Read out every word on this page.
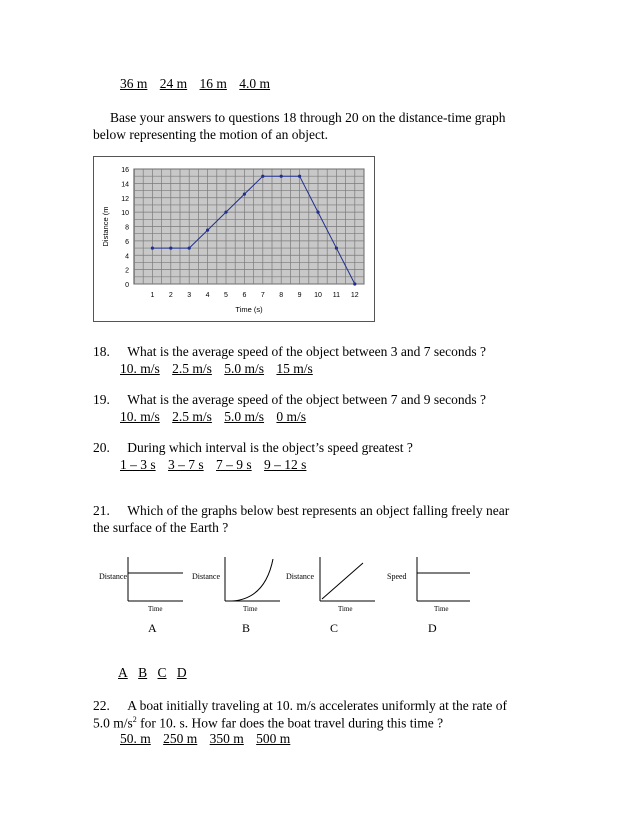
36 m 24 m 16 m 4.0 m
Base your answers to questions 18 through 20 on the distance-time graph
below representing the motion of an object.
0
2
4
6
8
10
12
14
16
1 2 3 4 5 6 7 8 9 10 11 12
Time (s)
Distance (m
18. What is the average speed of the object between 3 and 7 seconds ?
10. m/s 2.5 m/s 5.0 m/s 15 m/s
19. What is the average speed of the object between 7 and 9 seconds ?
10. m/s 2.5 m/s 5.0 m/s 0 m/s
20. During which interval is the object’s speed greatest ?
1 – 3 s 3 – 7 s 7 – 9 s 9 – 12 s
21. Which of the graphs below best represents an object falling freely near
the surface of the Earth ?
Distance
Time
A
Distance
Time
B
Distance
Time
C
Speed
Time
D
A B C D
22. A boat initially traveling at 10. m/s accelerates uniformly at the rate of
5.0 $m/s^2$ for 10. s. How far does the boat travel during this time ?
50. m 250 m 350 m 500 m
